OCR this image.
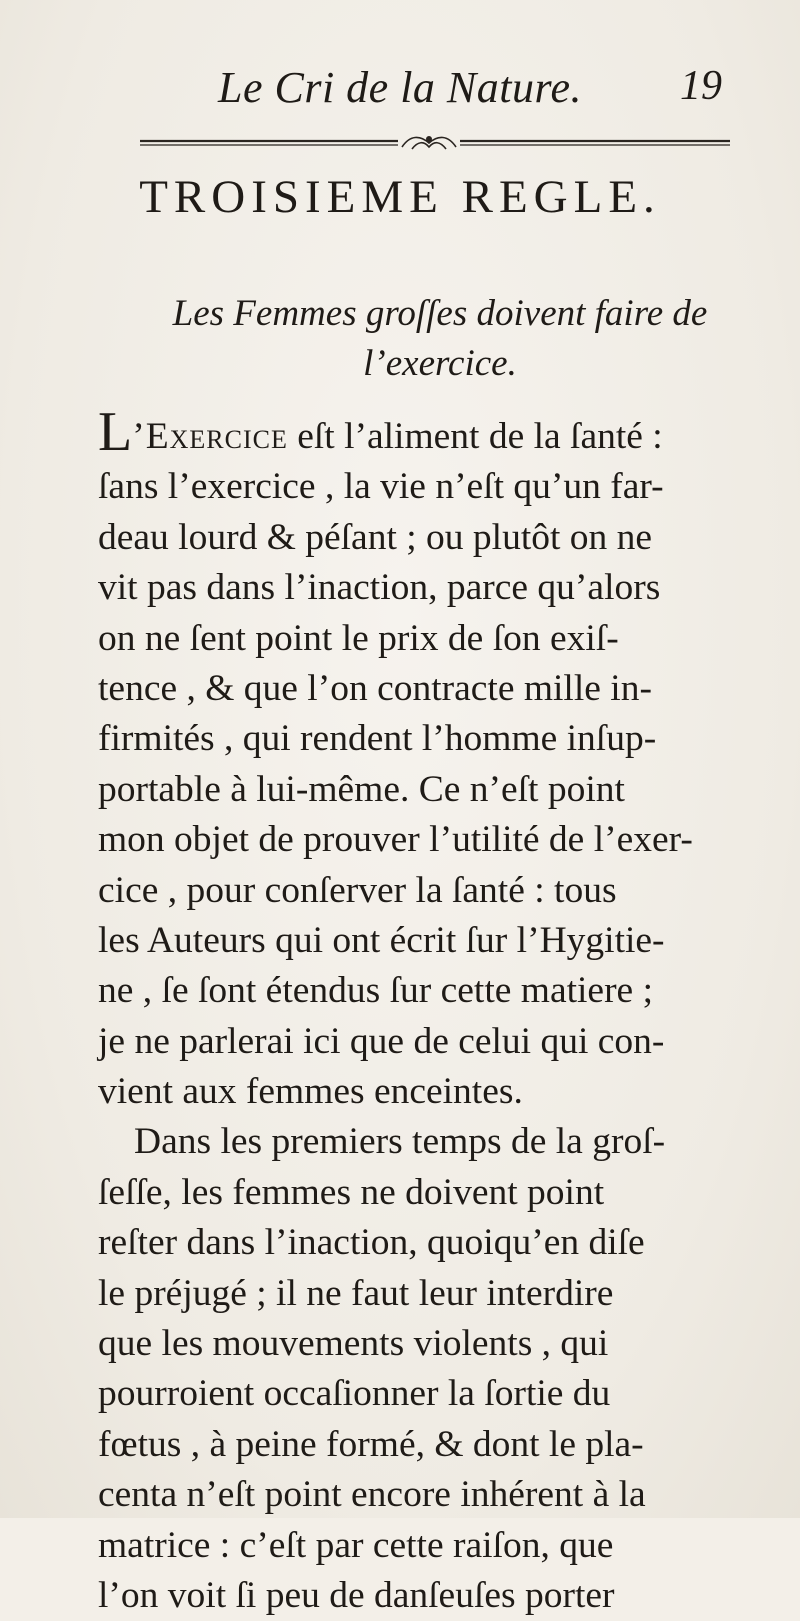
Le Cri de la Nature.	19
TROISIEME REGLE.
Les Femmes groſſes doivent faire de
l’exercice.
L’Exercice eſt l’aliment de la ſanté :
ſans l’exercice , la vie n’eſt qu’un far-
deau lourd & péſant ; ou plutôt on ne
vit pas dans l’inaction, parce qu’alors
on ne ſent point le prix de ſon exiſ-
tence , & que l’on contracte mille in-
firmités , qui rendent l’homme inſup-
portable à lui-même. Ce n’eſt point
mon objet de prouver l’utilité de l’exer-
cice , pour conſerver la ſanté : tous
les Auteurs qui ont écrit ſur l’Hygitie-
ne , ſe ſont étendus ſur cette matiere ;
je ne parlerai ici que de celui qui con-
vient aux femmes enceintes.
Dans les premiers temps de la groſ-
ſeſſe, les femmes ne doivent point
reſter dans l’inaction, quoiqu’en diſe
le préjugé ; il ne faut leur interdire
que les mouvements violents , qui
pourroient occaſionner la ſortie du
fœtus , à peine formé, & dont le pla-
centa n’eſt point encore inhérent à la
matrice : c’eſt par cette raiſon, que
l’on voit ſi peu de danſeuſes porter
